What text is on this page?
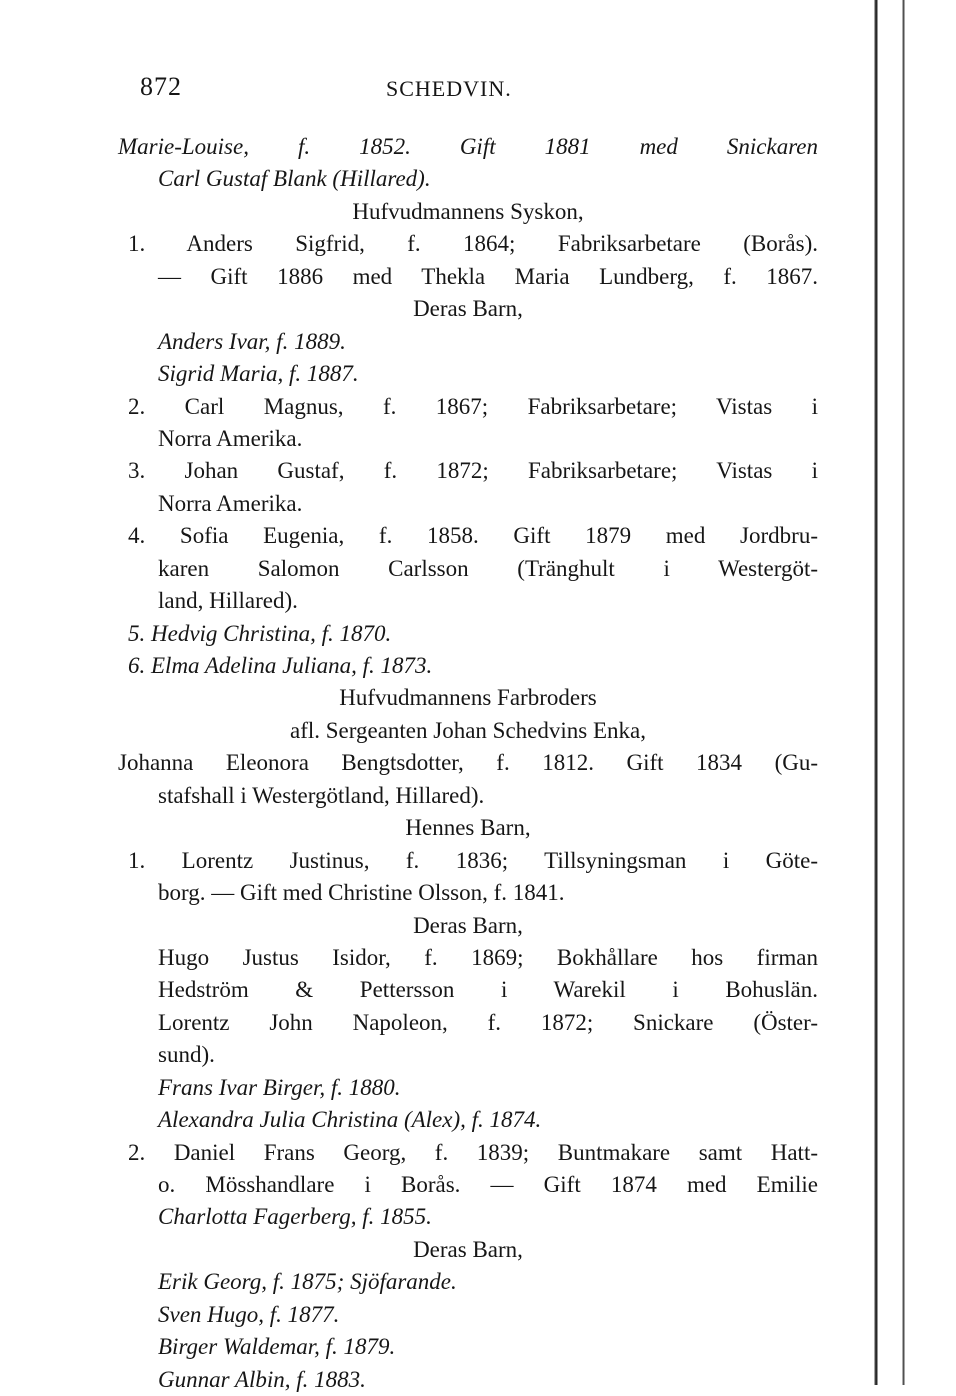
872	SCHEDVIN.
Marie-Louise, f. 1852. Gift 1881 med Snickaren
Carl Gustaf Blank (Hillared).
Hufvudmannens Syskon,
1. Anders Sigfrid, f. 1864; Fabriksarbetare (Borås).
— Gift 1886 med Thekla Maria Lundberg, f. 1867.
Deras Barn,
Anders Ivar, f. 1889.
Sigrid Maria, f. 1887.
2. Carl Magnus, f. 1867; Fabriksarbetare; Vistas i
Norra Amerika.
3. Johan Gustaf, f. 1872; Fabriksarbetare; Vistas i
Norra Amerika.
4. Sofia Eugenia, f. 1858. Gift 1879 med Jordbru-
karen Salomon Carlsson (Tränghult i Westergöt-
land, Hillared).
5. Hedvig Christina, f. 1870.
6. Elma Adelina Juliana, f. 1873.
Hufvudmannens Farbroders
afl. Sergeanten Johan Schedvins Enka,
Johanna Eleonora Bengtsdotter, f. 1812. Gift 1834 (Gu-
stafshall i Westergötland, Hillared).
Hennes Barn,
1. Lorentz Justinus, f. 1836; Tillsyningsman i Göte-
borg. — Gift med Christine Olsson, f. 1841.
Deras Barn,
Hugo Justus Isidor, f. 1869; Bokhållare hos firman
Hedström & Pettersson i Warekil i Bohuslän.
Lorentz John Napoleon, f. 1872; Snickare (Öster-
sund).
Frans Ivar Birger, f. 1880.
Alexandra Julia Christina (Alex), f. 1874.
2. Daniel Frans Georg, f. 1839; Buntmakare samt Hatt-
o. Mösshandlare i Borås. — Gift 1874 med Emilie
Charlotta Fagerberg, f. 1855.
Deras Barn,
Erik Georg, f. 1875; Sjöfarande.
Sven Hugo, f. 1877.
Birger Waldemar, f. 1879.
Gunnar Albin, f. 1883.
